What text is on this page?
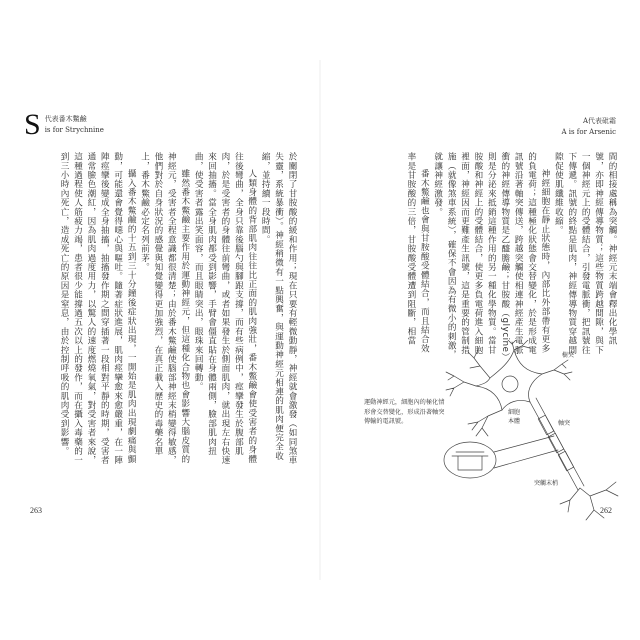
S 代表番木鱉鹼
is for Strychnine

於關閉了甘胺酸的緩和作用；現在只要有輕微動靜，神經就會激發（如同煞車失靈，系統暴衝）。神經稍微有一點興奮，與運動神經元相連的肌肉便完全收縮，並持續一段時間。

人類身體的背部肌肉往往比正面的肌肉強壯，番木鱉鹼會使受害者的身體往後彎曲，全身只靠後腦勺與腳跟支撐，而有些病例中，痙攣發生於腹部肌肉，於是受害者的身體往前彎曲，或者如果發生於側面肌肉，就出現左右快速來回抽搐。當全身肌肉都受到影響，手臂會僵直貼在身體兩側，臉部肌肉扭曲，使受害者露出笑面容，而且眼睛突出，眼珠來回轉動。

雖然番木鱉鹼主要作用於運動神經元，但這種化合物也會影響大腦皮質的神經元，受害者全程意識都很清楚；由於番木鱉鹼使腦部神經末梢變得敏感，他們對於自身狀況的感覺與知覺變得更加強烈，在真正載入歷史的毒藥名單上，番木鱉鹼必定名列前茅。

攝入番木鱉鹼的十五到三十分鐘後症狀出現，一開始是肌肉出現劇痛與顫動，可能還會覺得噁心與嘔吐。隨著症狀進展，肌肉痙攣愈來愈嚴重，在一陣陣痙攣後變成全身抽搐，抽搐發作期之間穿插著一段相對平靜的時期，受害者通常臉色潮紅，因為肌肉過度用力，以驚人的速度燃燒氧氣，對受害者來說，這種過程使人筋疲力竭，患者很少能撐過五次以上的發作，而在攝入毒藥的一到三小時內死亡，造成死亡的原因是窒息，由於控制呼吸的肌肉受到影響。

263
A代表砒霜
A is for Arsenic

間的相接處稱為突觸。神經元末端會釋出化學訊號，亦即神經傳導物質；這些物質跨越間隙，與下一個神經元上的受體結合，引發電脈衝，把訊號往下傳遞。訊號的終點是肌肉，神經傳導物質穿越間隙促使肌纖維收縮。

神經細胞在靜止狀態時，內部比外部帶有更多的負電荷；這種極化狀態會交替變化，於是形成電訊號沿著軸突傳送，跨越突觸使相連神經產生電脈衝的神經傳導物質是乙醯膽鹼；甘胺酸（glycine）則是分泌來抵銷這種作用的另一種化學物質。當甘胺酸和神經上的受體結合，使更多負電荷進入細胞裡面，神經因而更難產生訊號，這是重要的管制措施（就像煞車系統），確保不會因為有微小的刺激，就讓神經激發。

番木鱉鹼也會與甘胺酸受體結合，而且結合效率是甘胺酸的三倍，甘胺酸受體遭到阻斷，相當

運動神經元，細胞內的極化情形會交替變化，形成沿著軸突傳輸的電訊號。
樹突
細胞本體	軸突
突觸末梢
262
